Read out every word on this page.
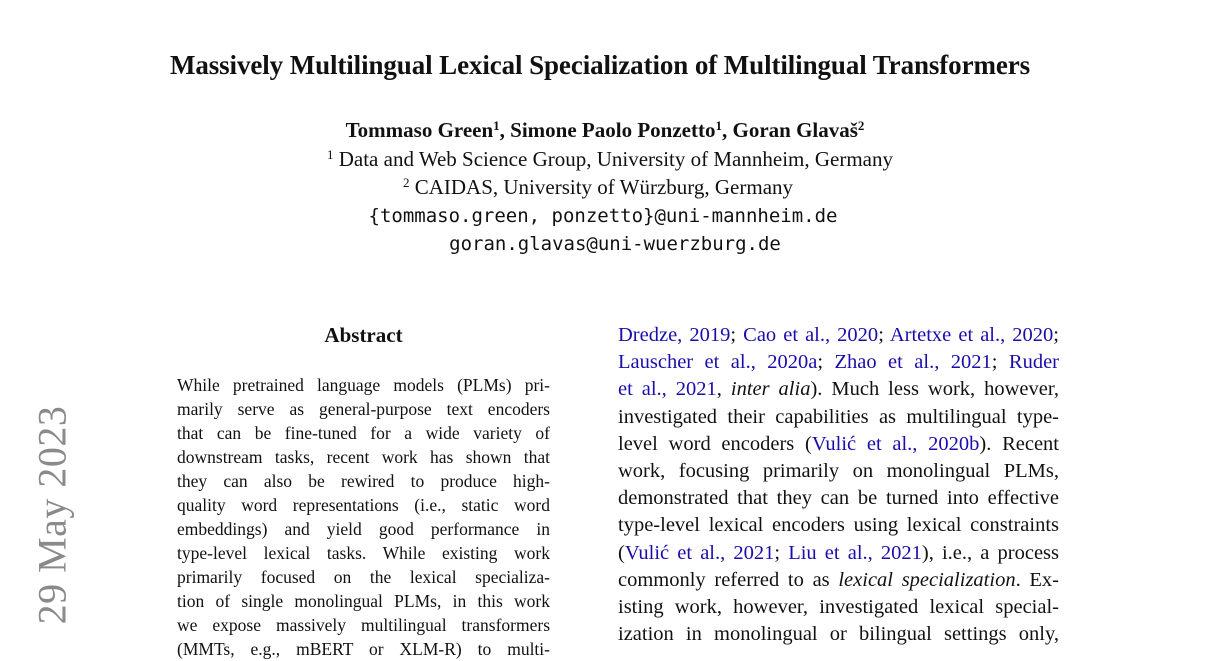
Massively Multilingual Lexical Specialization of Multilingual Transformers
Tommaso Green$^1$, Simone Paolo Ponzetto$^1$, Goran Glavaš$^2$
$^1$ Data and Web Science Group, University of Mannheim, Germany
$^2$ CAIDAS, University of Würzburg, Germany
{tommaso.green, ponzetto}@uni-mannheim.de
goran.glavas@uni-wuerzburg.de
29 May 2023
Abstract
While pretrained language models (PLMs) pri-
marily serve as general-purpose text encoders
that can be fine-tuned for a wide variety of
downstream tasks, recent work has shown that
they can also be rewired to produce high-
quality word representations (i.e., static word
embeddings) and yield good performance in
type-level lexical tasks. While existing work
primarily focused on the lexical specializa-
tion of single monolingual PLMs, in this work
we expose massively multilingual transformers
(MMTs, e.g., mBERT or XLM-R) to multi-
Dredze, 2019; Cao et al., 2020; Artetxe et al., 2020;
Lauscher et al., 2020a; Zhao et al., 2021; Ruder
et al., 2021, inter alia). Much less work, however,
investigated their capabilities as multilingual type-
level word encoders (Vulić et al., 2020b). Recent
work, focusing primarily on monolingual PLMs,
demonstrated that they can be turned into effective
type-level lexical encoders using lexical constraints
(Vulić et al., 2021; Liu et al., 2021), i.e., a process
commonly referred to as lexical specialization. Ex-
isting work, however, investigated lexical special-
ization in monolingual or bilingual settings only,
